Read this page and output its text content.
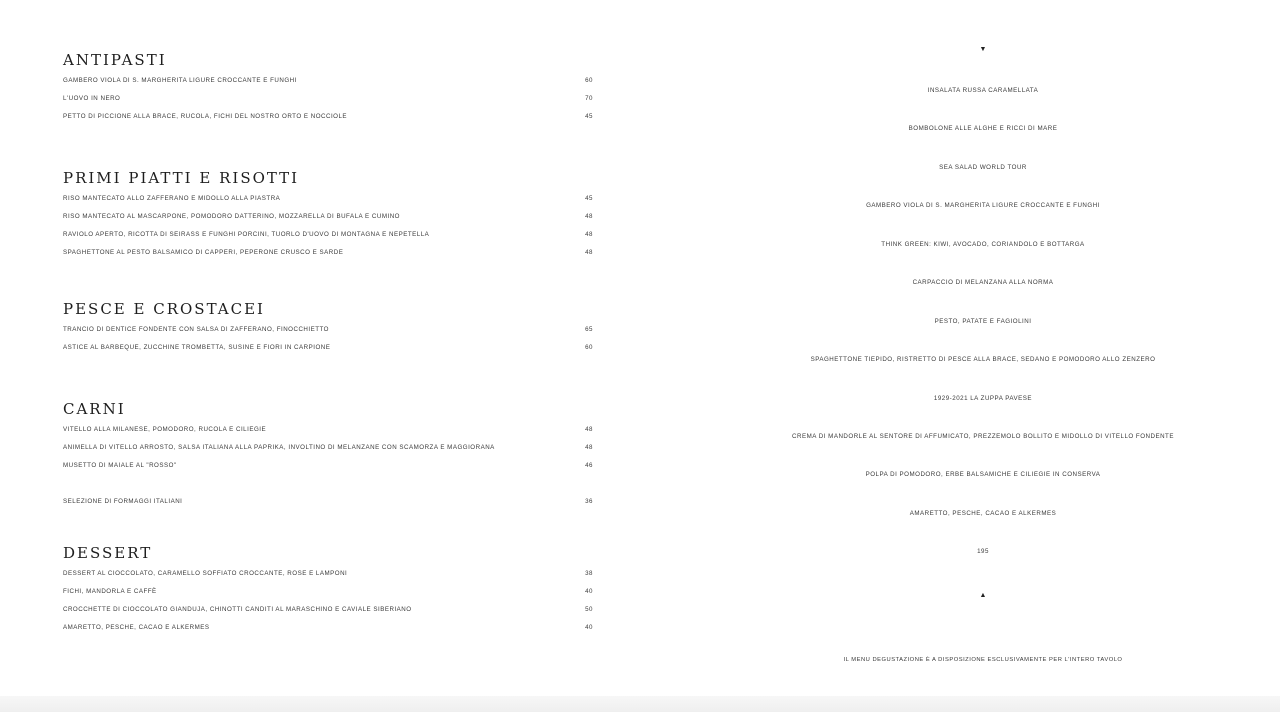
ANTIPASTI
GAMBERO VIOLA DI S. MARGHERITA LIGURE CROCCANTE E FUNGHI	60
L'UOVO IN NERO	70
PETTO DI PICCIONE ALLA BRACE, RUCOLA, FICHI DEL NOSTRO ORTO E NOCCIOLE	45
PRIMI PIATTI E RISOTTI
RISO MANTECATO ALLO ZAFFERANO E MIDOLLO ALLA PIASTRA	45
RISO MANTECATO AL MASCARPONE, POMODORO DATTERINO, MOZZARELLA DI BUFALA E CUMINO	48
RAVIOLO APERTO, RICOTTA DI SEIRASS E FUNGHI PORCINI, TUORLO D'UOVO DI MONTAGNA E NEPETELLA	48
SPAGHETTONE AL PESTO BALSAMICO DI CAPPERI, PEPERONE CRUSCO E SARDE	48
PESCE E CROSTACEI
TRANCIO DI DENTICE FONDENTE CON SALSA DI ZAFFERANO, FINOCCHIETTO	65
ASTICE AL BARBEQUE, ZUCCHINE TROMBETTA, SUSINE E FIORI IN CARPIONE	60
CARNI
VITELLO ALLA MILANESE, POMODORO, RUCOLA E CILIEGIE	48
ANIMELLA DI VITELLO ARROSTO, SALSA ITALIANA ALLA PAPRIKA, INVOLTINO DI MELANZANE CON SCAMORZA E MAGGIORANA	48
MUSETTO DI MAIALE AL "ROSSO"	46
SELEZIONE DI FORMAGGI ITALIANI	36
DESSERT
DESSERT AL CIOCCOLATO, CARAMELLO SOFFIATO CROCCANTE, ROSE E LAMPONI	38
FICHI, MANDORLA E CAFFÈ	40
CROCCHETTE DI CIOCCOLATO GIANDUJA, CHINOTTI CANDITI AL MARASCHINO E CAVIALE SIBERIANO	50
AMARETTO, PESCHE, CACAO E ALKERMES	40
▼
INSALATA RUSSA CARAMELLATA
BOMBOLONE ALLE ALGHE E RICCI DI MARE
SEA SALAD WORLD TOUR
GAMBERO VIOLA DI S. MARGHERITA LIGURE CROCCANTE E FUNGHI
THINK GREEN: KIWI, AVOCADO, CORIANDOLO E BOTTARGA
CARPACCIO DI MELANZANA ALLA NORMA
PESTO, PATATE E FAGIOLINI
SPAGHETTONE TIEPIDO, RISTRETTO DI PESCE ALLA BRACE, SEDANO E POMODORO ALLO ZENZERO
1929-2021 LA ZUPPA PAVESE
CREMA DI MANDORLE AL SENTORE DI AFFUMICATO, PREZZEMOLO BOLLITO E MIDOLLO DI VITELLO FONDENTE
POLPA DI POMODORO, ERBE BALSAMICHE E CILIEGIE IN CONSERVA
AMARETTO, PESCHE, CACAO E ALKERMES
195
▲
IL MENU DEGUSTAZIONE È A DISPOSIZIONE ESCLUSIVAMENTE PER L'INTERO TAVOLO
